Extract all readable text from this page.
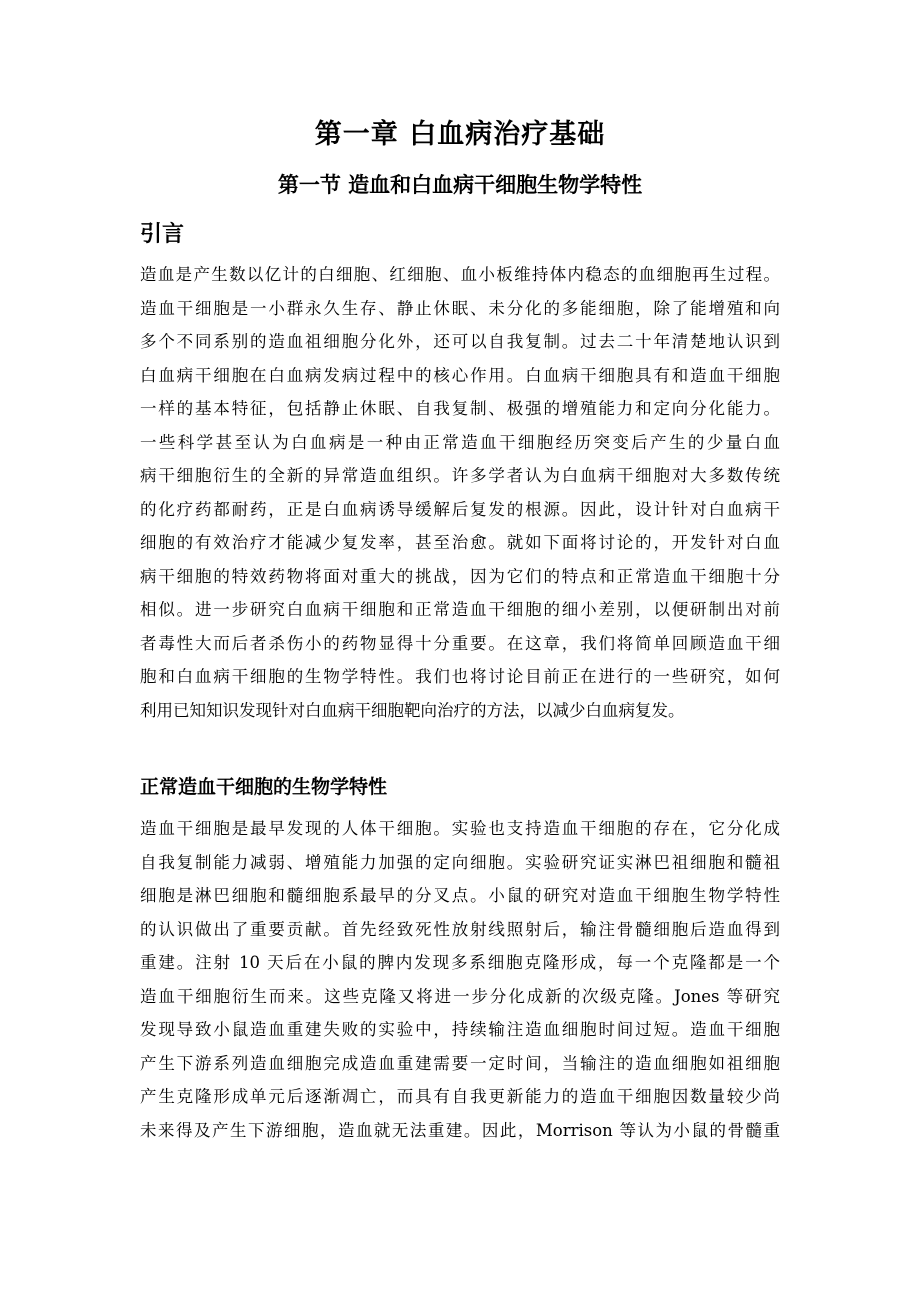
第一章 白血病治疗基础
第一节 造血和白血病干细胞生物学特性
引言
造血是产生数以亿计的白细胞、红细胞、血小板维持体内稳态的血细胞再生过程。
造血干细胞是一小群永久生存、静止休眠、未分化的多能细胞，除了能增殖和向
多个不同系别的造血祖细胞分化外，还可以自我复制。过去二十年清楚地认识到
白血病干细胞在白血病发病过程中的核心作用。白血病干细胞具有和造血干细胞
一样的基本特征，包括静止休眠、自我复制、极强的增殖能力和定向分化能力。
一些科学甚至认为白血病是一种由正常造血干细胞经历突变后产生的少量白血
病干细胞衍生的全新的异常造血组织。许多学者认为白血病干细胞对大多数传统
的化疗药都耐药，正是白血病诱导缓解后复发的根源。因此，设计针对白血病干
细胞的有效治疗才能减少复发率，甚至治愈。就如下面将讨论的，开发针对白血
病干细胞的特效药物将面对重大的挑战，因为它们的特点和正常造血干细胞十分
相似。进一步研究白血病干细胞和正常造血干细胞的细小差别，以便研制出对前
者毒性大而后者杀伤小的药物显得十分重要。在这章，我们将简单回顾造血干细
胞和白血病干细胞的生物学特性。我们也将讨论目前正在进行的一些研究，如何
利用已知知识发现针对白血病干细胞靶向治疗的方法，以减少白血病复发。
正常造血干细胞的生物学特性
造血干细胞是最早发现的人体干细胞。实验也支持造血干细胞的存在，它分化成
自我复制能力减弱、增殖能力加强的定向细胞。实验研究证实淋巴祖细胞和髓祖
细胞是淋巴细胞和髓细胞系最早的分叉点。小鼠的研究对造血干细胞生物学特性
的认识做出了重要贡献。首先经致死性放射线照射后，输注骨髓细胞后造血得到
重建。注射 10 天后在小鼠的脾内发现多系细胞克隆形成，每一个克隆都是一个
造血干细胞衍生而来。这些克隆又将进一步分化成新的次级克隆。Jones 等研究
发现导致小鼠造血重建失败的实验中，持续输注造血细胞时间过短。造血干细胞
产生下游系列造血细胞完成造血重建需要一定时间，当输注的造血细胞如祖细胞
产生克隆形成单元后逐渐凋亡，而具有自我更新能力的造血干细胞因数量较少尚
未来得及产生下游细胞，造血就无法重建。因此，Morrison 等认为小鼠的骨髓重
